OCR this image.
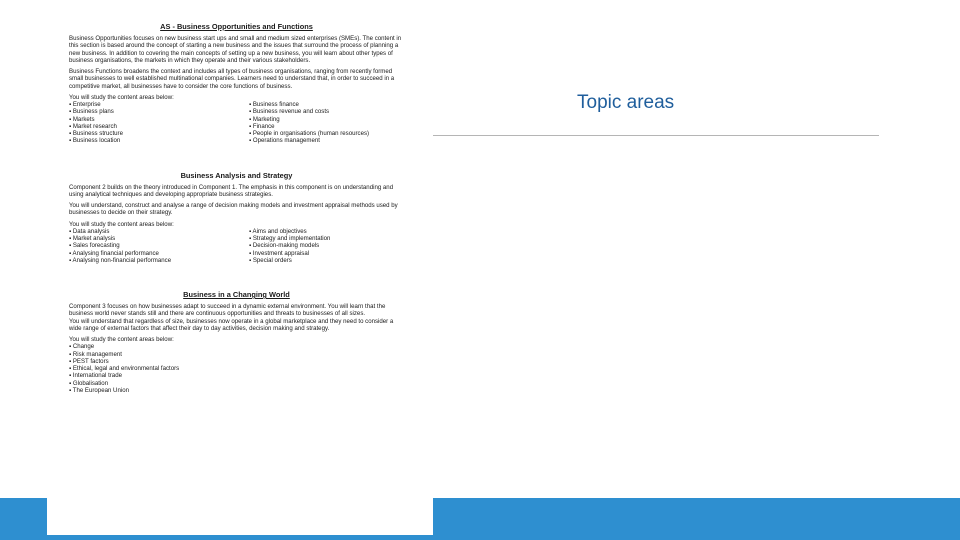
AS - Business Opportunities and Functions

Business Opportunities focuses on new business start ups and small and medium sized enterprises (SMEs). The content in this section is based around the concept of starting a new business and the issues that surround the process of planning a new business. In addition to covering the main concepts of setting up a new business, you will learn about other types of business organisations, the markets in which they operate and their various stakeholders.

Business Functions broadens the context and includes all types of business organisations, ranging from recently formed small businesses to well established multinational companies. Learners need to understand that, in order to succeed in a competitive market, all businesses have to consider the core functions of business.

You will study the content areas below:

▪ Enterprise
▪ Business plans
▪ Markets
▪ Market research
▪ Business structure
▪ Business location
▪ Business finance
▪ Business revenue and costs
▪ Marketing
▪ Finance
▪ People in organisations (human resources)
▪ Operations management
Business Analysis and Strategy

Component 2 builds on the theory introduced in Component 1. The emphasis in this component is on understanding and using analytical techniques and developing appropriate business strategies.

You will understand, construct and analyse a range of decision making models and investment appraisal methods used by businesses to decide on their strategy.

You will study the content areas below:

▪ Data analysis
▪ Market analysis
▪ Sales forecasting
▪ Analysing financial performance
▪ Analysing non-financial performance
▪ Aims and objectives
▪ Strategy and implementation
▪ Decision-making models
▪ Investment appraisal
▪ Special orders
Business in a Changing World

Component 3 focuses on how businesses adapt to succeed in a dynamic external environment. You will learn that the business world never stands still and there are continuous opportunities and threats to businesses of all sizes.

You will understand that regardless of size, businesses now operate in a global marketplace and they need to consider a wide range of external factors that affect their day to day activities, decision making and strategy.

You will study the content areas below:

▪ Change
▪ Risk management
▪ PEST factors
▪ Ethical, legal and environmental factors
▪ International trade
▪ Globalisation
▪ The European Union
Topic areas
